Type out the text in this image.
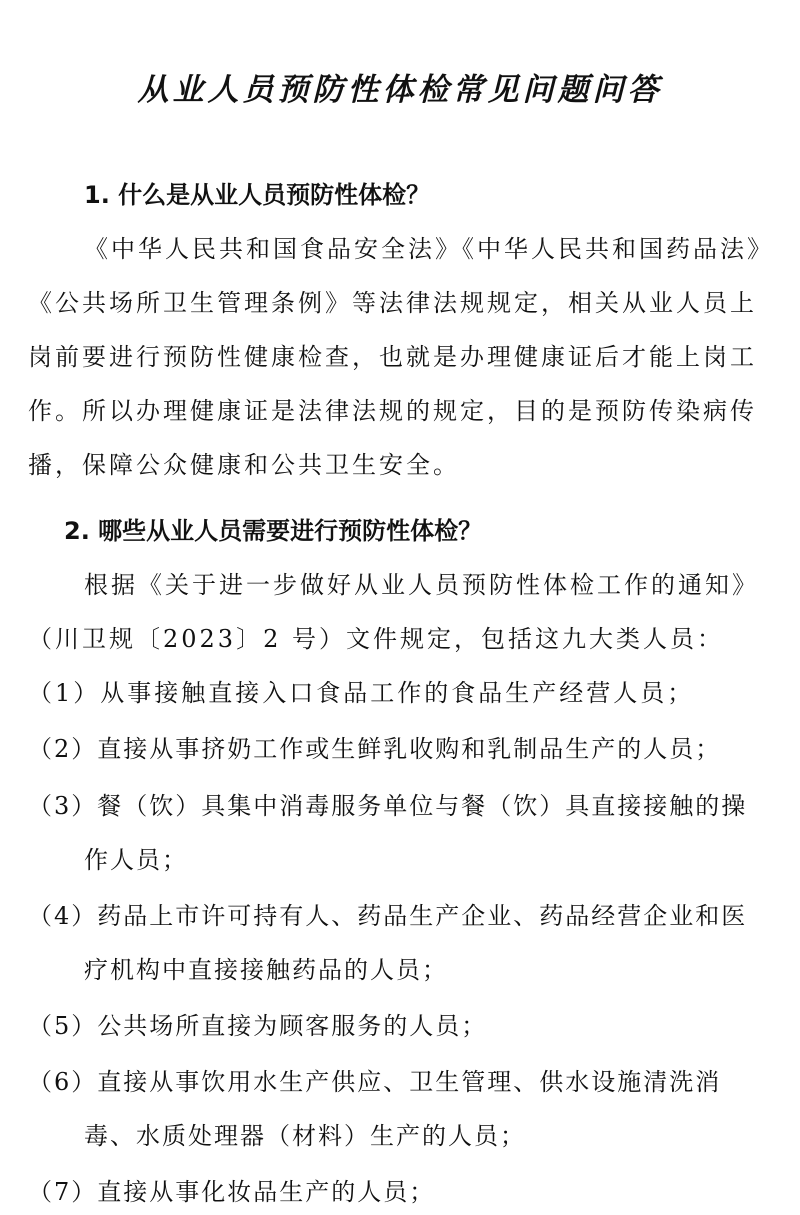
从业人员预防性体检常见问题问答
1. 什么是从业人员预防性体检？

《中华人民共和国食品安全法》《中华人民共和国药品法》《公共场所卫生管理条例》等法律法规规定，相关从业人员上岗前要进行预防性健康检查，也就是办理健康证后才能上岗工作。所以办理健康证是法律法规的规定，目的是预防传染病传播，保障公众健康和公共卫生安全。

2. 哪些从业人员需要进行预防性体检？

根据《关于进一步做好从业人员预防性体检工作的通知》（川卫规〔2023〕2 号）文件规定，包括这九大类人员：（1）从事接触直接入口食品工作的食品生产经营人员；

（2）直接从事挤奶工作或生鲜乳收购和乳制品生产的人员；

（3）餐（饮）具集中消毒服务单位与餐（饮）具直接接触的操作人员；

（4）药品上市许可持有人、药品生产企业、药品经营企业和医疗机构中直接接触药品的人员；

（5）公共场所直接为顾客服务的人员；

（6）直接从事饮用水生产供应、卫生管理、供水设施清洗消毒、水质处理器（材料）生产的人员；

（7）直接从事化妆品生产的人员；
